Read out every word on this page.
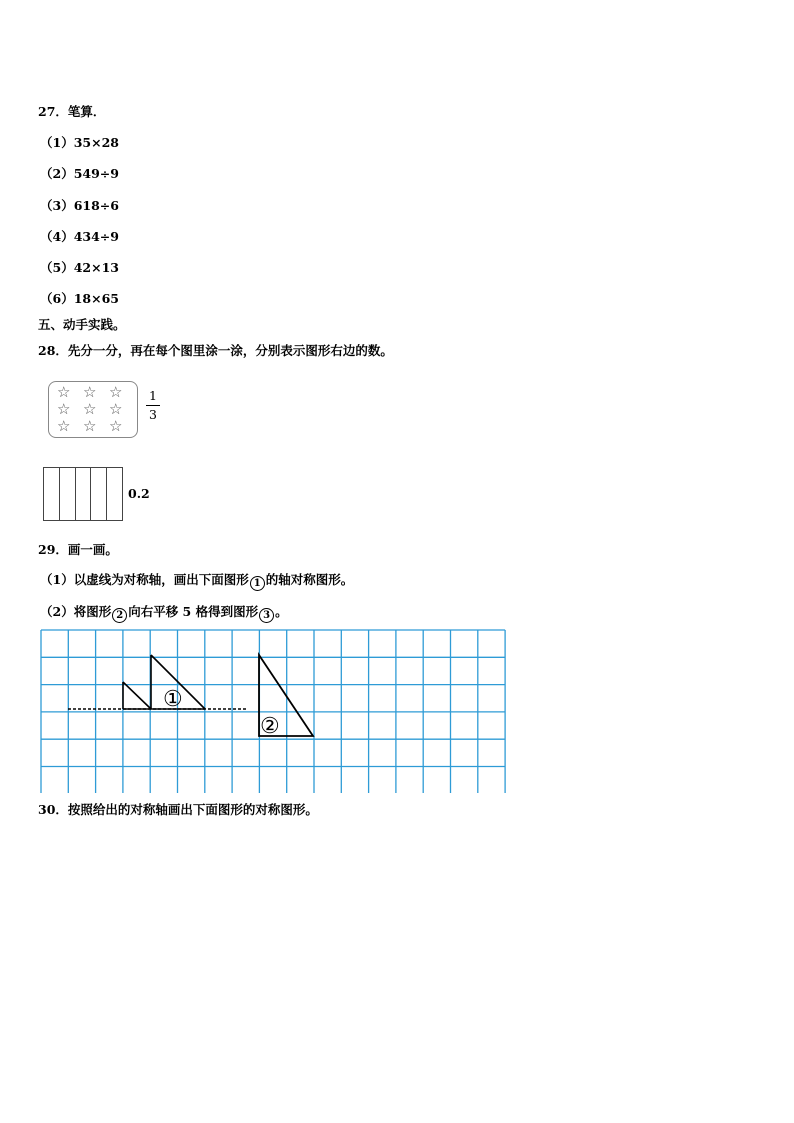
27．笔算．
（1）35×28
（2）549÷9
（3）618÷6
（4）434÷9
（5）42×13
（6）18×65
五、动手实践。
28．先分一分，再在每个图里涂一涂，分别表示图形右边的数。
☆ ☆ ☆
☆ ☆ ☆
☆ ☆ ☆
1
3
0.2
29．画一画。
（1）以虚线为对称轴，画出下面图形 1 的轴对称图形。
（2）将图形 2 向右平移 5 格得到图形 3 。
①
②
30．按照给出的对称轴画出下面图形的对称图形。
